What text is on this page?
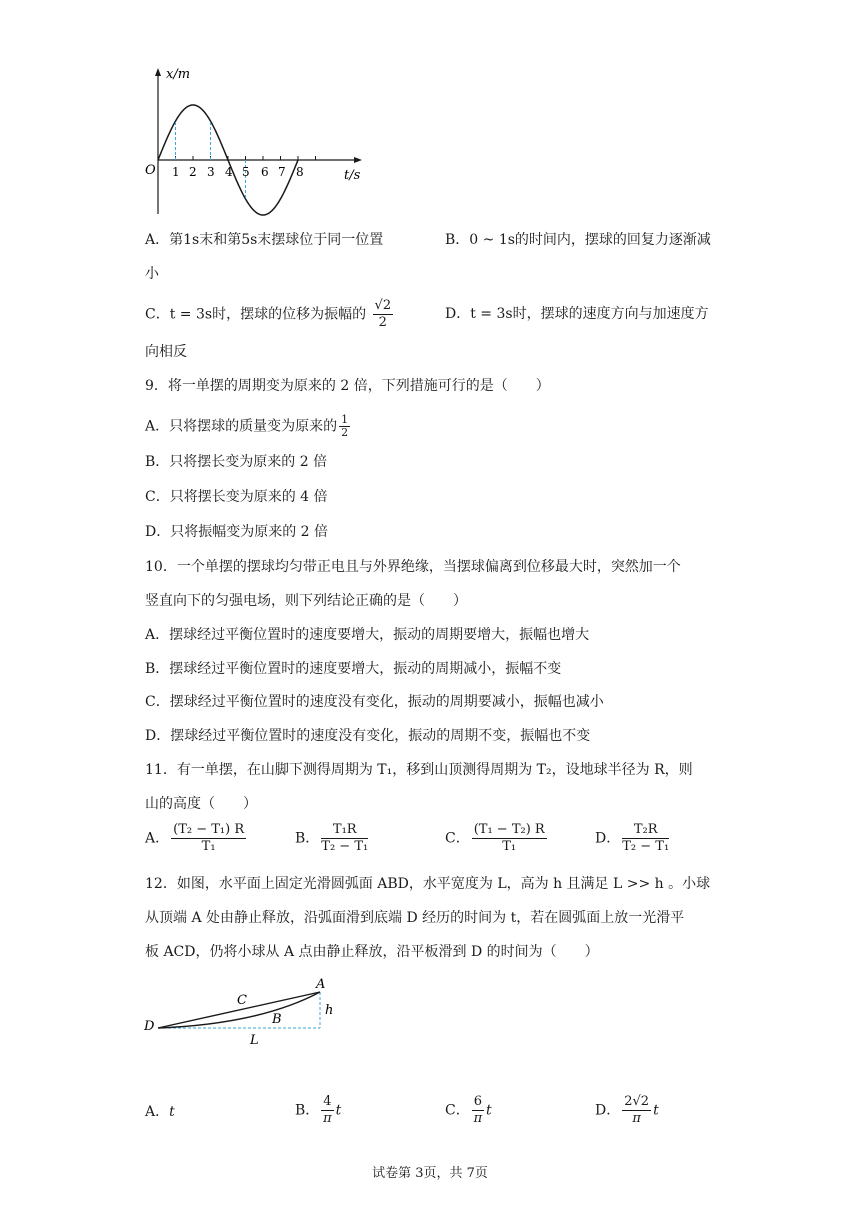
x/m
t/s
O 1 2 3 4 5 6 7 8
A．第1s末和第5s末摆球位于同一位置	B．0 ~ 1s的时间内，摆球的回复力逐渐减
小
C．t = 3s时，摆球的位移为振幅的 $\frac{√2}{2}$	D．t = 3s时，摆球的速度方向与加速度方
向相反
9．将一单摆的周期变为原来的 2 倍，下列措施可行的是（　　）
A．只将摆球的质量变为原来的 $\frac{1}{2}$
B．只将摆长变为原来的 2 倍
C．只将摆长变为原来的 4 倍
D．只将振幅变为原来的 2 倍
10．一个单摆的摆球均匀带正电且与外界绝缘，当摆球偏离到位移最大时，突然加一个
竖直向下的匀强电场，则下列结论正确的是（　　）
A．摆球经过平衡位置时的速度要增大，振动的周期要增大，振幅也增大
B．摆球经过平衡位置时的速度要增大，振动的周期减小，振幅不变
C．摆球经过平衡位置时的速度没有变化，振动的周期要减小，振幅也减小
D．摆球经过平衡位置时的速度没有变化，振动的周期不变，振幅也不变
11．有一单摆，在山脚下测得周期为 T₁，移到山顶测得周期为 T₂，设地球半径为 R，则
山的高度（　　）
A． $\frac{\text{(T₂ − T₁) R}}{\text{T₁}}$	B． $\frac{\text{T₁R}}{\text{T₂ − T₁}}$	C． $\frac{\text{(T₁ − T₂) R}}{\text{T₁}}$	D． $\frac{\text{T₂R}}{\text{T₂ − T₁}}$
12．如图，水平面上固定光滑圆弧面 ABD，水平宽度为 L，高为 h 且满足 L >> h 。小球
从顶端 A 处由静止释放，沿弧面滑到底端 D 经历的时间为 t，若在圆弧面上放一光滑平
板 ACD，仍将小球从 A 点由静止释放，沿平板滑到 D 的时间为（　　）
A
C
B
D
h
L
A．t	B． $\frac{4}{\pi}$ t	C． $\frac{6}{\pi}$ t	D． $\frac{2√2}{\pi}$ t
试卷第 3页，共 7页
